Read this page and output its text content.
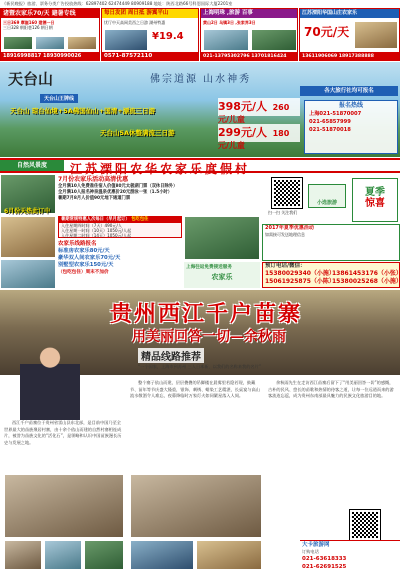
《新民晚报》旅游、票务分类广告投放热线：62897402 62474449 80909188 地址：陕西北路66号科恩国际大厦2201室
诸暨农家乐70/天 避暑专线
三日369 摩崖160 建德一日
三日328 朝阳巷126 朝日朝
18916998817 18930990026
每日发团 周日抵 游翼平山
忧厅中天高网美西之日游 湖州特惠
¥19.4
0571-87572110
上海明珠 ,旅游 百事
黄山2日 乌镇3日 ,张家界3日
021-13795302796 13701816424
江苏溧阳华国山庄农家乐
70元/天
13611906069 18917388888
天台山	佛宗道源 山水神秀
各大旅行社均可报名
天台山王牌线
天台山 琼台仙境+5A佛国仙山+国清+漂流三日游
天台山5A休整满流三日游
398元/人 260元/儿童
299元/人 180元/儿童
报名热线
上海021-51870007
021-65857999
021-51870018
自然风景度	江苏溧阳农华农家乐度假村
6月份天热此订中
7月份农家乐活动高清优惠
全月满10人免费准住宿人价值80元太极湖门票（双休日除外）
全月满10人报名神泉温泉优惠价20元游泳一张（1.5小时）
暑期7月8月人价值90元地下通道门票
扫一扫 关注我们
小选旅游
夏季
惊喜
暑期常规特惠人次每日（早月起订） 包吃包住
入住星期四时间（7天）490元/人
入住星期一时间（10天）1050元/人起
入住星期二时间（14天）1050元/人起
农家乐线路报名
标准房农家乐80元/天
豪华双人间农家乐70元/天
别墅型农家乐150元/天
（包吃包住）周末不加价
上海往返免费接送服务
农家乐
2017年夏季优惠活动
如需接可发送地理信息
预订电话/微信：
15380029340（小施）
13861453176（小张）
15061925875（小陈）
15380025268（小施）
贵州西江千户苗寨
用美丽回答一切—余秋雨
精品线路推荐
“一个国家，上海市到苏州 三人日本新，以我们的名称来我的名片”
西江千户苗寨位于贵州省雷山县东北部，是目前中国乃至全世界最大的苗族聚居村寨，由十余个依山而建的自然村寨相连成片，被誉为苗族文化的“活化石”，是领略和认识中国苗族漫长历史与发展之地。
整个寨子依山而建，层层叠叠的吊脚楼在晨雾里若隐若现，鼓藏节、苗年等节庆盛大隆重，银饰、刺绣、蜡染工艺精湛，长桌宴与高山流水敬酒令人难忘，夜幕降临时万家灯火如同繁星落入人间。
余秋雨先生在走访西江苗寨后留下了“用美丽回答一切”的感慨，古朴的民风、悠长的苗歌和热情的待客之道，让每一位远道而来的游客流连忘返，成为贵州东南部最具魅力的民族文化旅游目的地。
大卡旅游网
订购电话
021-63618333
021-62691525
